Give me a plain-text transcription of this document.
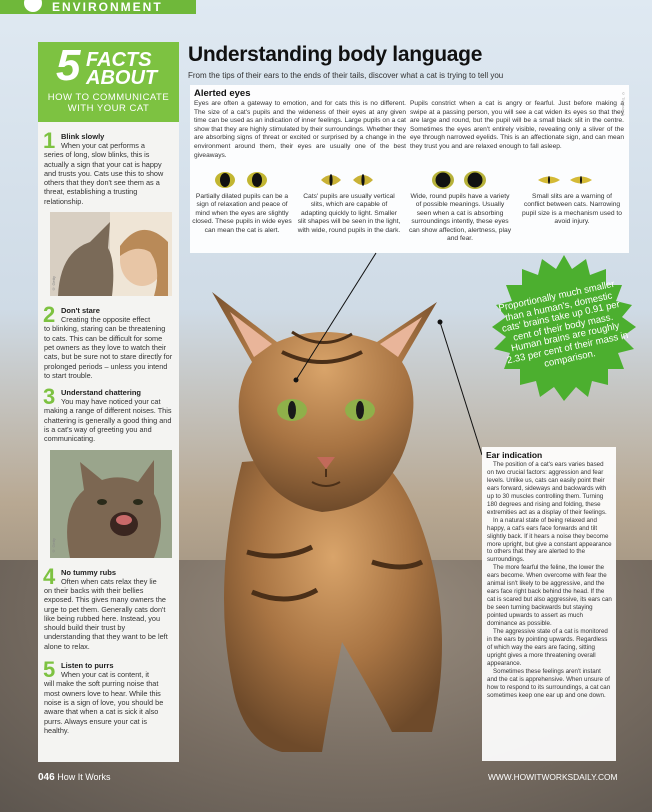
ENVIRONMENT
5 FACTS
ABOUT
HOW TO COMMUNICATE WITH YOUR CAT
1 Blink slowly
When your cat performs a
series of long, slow blinks, this is actually a sign that your cat is happy and trusts you. Cats use this to show others that they don't see them as a threat, establishing a trusting relationship.
© Getty
2 Don't stare
Creating the opposite effect
to blinking, staring can be threatening to cats. This can be difficult for some pet owners as they love to watch their cats, but be sure not to stare directly for prolonged periods – unless you intend to start trouble.
3 Understand chattering
You may have noticed your cat
making a range of different noises. This chattering is generally a good thing and is a cat's way of greeting you and communicating.
© Getty
4 No tummy rubs
Often when cats relax they lie
on their backs with their bellies exposed. This gives many owners the urge to pet them. Generally cats don't like being rubbed here. Instead, you should build their trust by understanding that they want to be left alone to relax.
5 Listen to purrs
When your cat is content, it
will make the soft purring noise that most owners love to hear. While this noise is a sign of love, you should be aware that when a cat is sick it also purrs. Always ensure your cat is healthy.
Understanding body language
From the tips of their ears to the ends of their tails, discover what a cat is trying to tell you
Alerted eyes
Eyes are often a gateway to emotion, and for cats this is no different. The size of a cat's pupils and the wideness of their eyes at any given time can be used as an indication of inner feelings. Large pupils on a cat show that they are highly stimulated by their surroundings. Whether they are absorbing signs of threat or excited or surprised by a change in the environment around them, their eyes are usually one of the best giveaways.
Pupils constrict when a cat is angry or fearful. Just before making a swipe at a passing person, you will see a cat widen its eyes so that they are large and round, but the pupil will be a small black slit in the centre. Sometimes the eyes aren't entirely visible, revealing only a sliver of the eye through narrowed eyelids. This is an affectionate sign, and can mean they trust you and are relaxed enough to fall asleep.
Partially dilated pupils can be a sign of relaxation and peace of mind when the eyes are slightly closed. These pupils in wide eyes can mean the cat is alert.
Cats' pupils are usually vertical slits, which are capable of adapting quickly to light. Smaller slit shapes will be seen in the light, with wide, round pupils in the dark.
Wide, round pupils have a variety of possible meanings. Usually seen when a cat is absorbing surroundings intently, these eyes can show affection, alertness, play and fear.
Small slits are a warning of conflict between cats. Narrowing pupil size is a mechanism used to avoid injury.
© Thinkstock
Proportionally much smaller than a human's, domestic cats' brains take up 0.91 per cent of their body mass. Human brains are roughly 2.33 per cent of their mass in comparison.
Ear indication

The position of a cat's ears varies based on two crucial factors: aggression and fear levels. Unlike us, cats can easily point their ears forward, sideways and backwards with up to 30 muscles controlling them. Turning 180 degrees and rising and folding, these extremities act as a display of their feelings.

In a natural state of being relaxed and happy, a cat's ears face forwards and tilt slightly back. If it hears a noise they become more upright, but give a constant appearance to others that they are alerted to the surroundings.

The more fearful the feline, the lower the ears become. When overcome with fear the animal isn't likely to be aggressive, and the ears face right back behind the head. If the cat is scared but also aggressive, its ears can be seen turning backwards but staying pointed upwards to assert as much dominance as possible.

The aggressive state of a cat is monitored in the ears by pointing upwards. Regardless of which way the ears are facing, sitting upright gives a more threatening overall appearance.

Sometimes these feelings aren't instant and the cat is apprehensive. When unsure of how to respond to its surroundings, a cat can sometimes keep one ear up and one down.

046 How It Works	WWW.HOWITWORKSDAILY.COM
